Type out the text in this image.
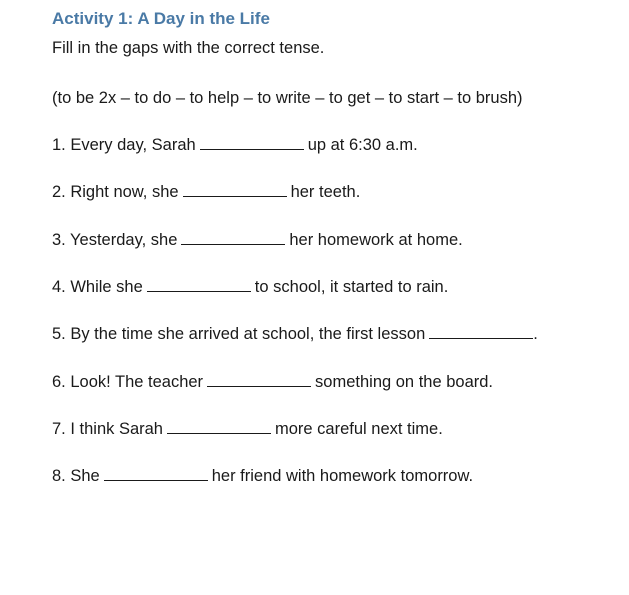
Activity 1: A Day in the Life
Fill in the gaps with the correct tense.
(to be 2x – to do – to help – to write – to get – to start – to brush)
1. Every day, Sarah	up at 6:30 a.m.
2. Right now, she	her teeth.
3. Yesterday, she	her homework at home.
4. While she	to school, it started to rain.
5. By the time she arrived at school, the first lesson	.
6. Look! The teacher	something on the board.
7. I think Sarah	more careful next time.
8. She	her friend with homework tomorrow.
